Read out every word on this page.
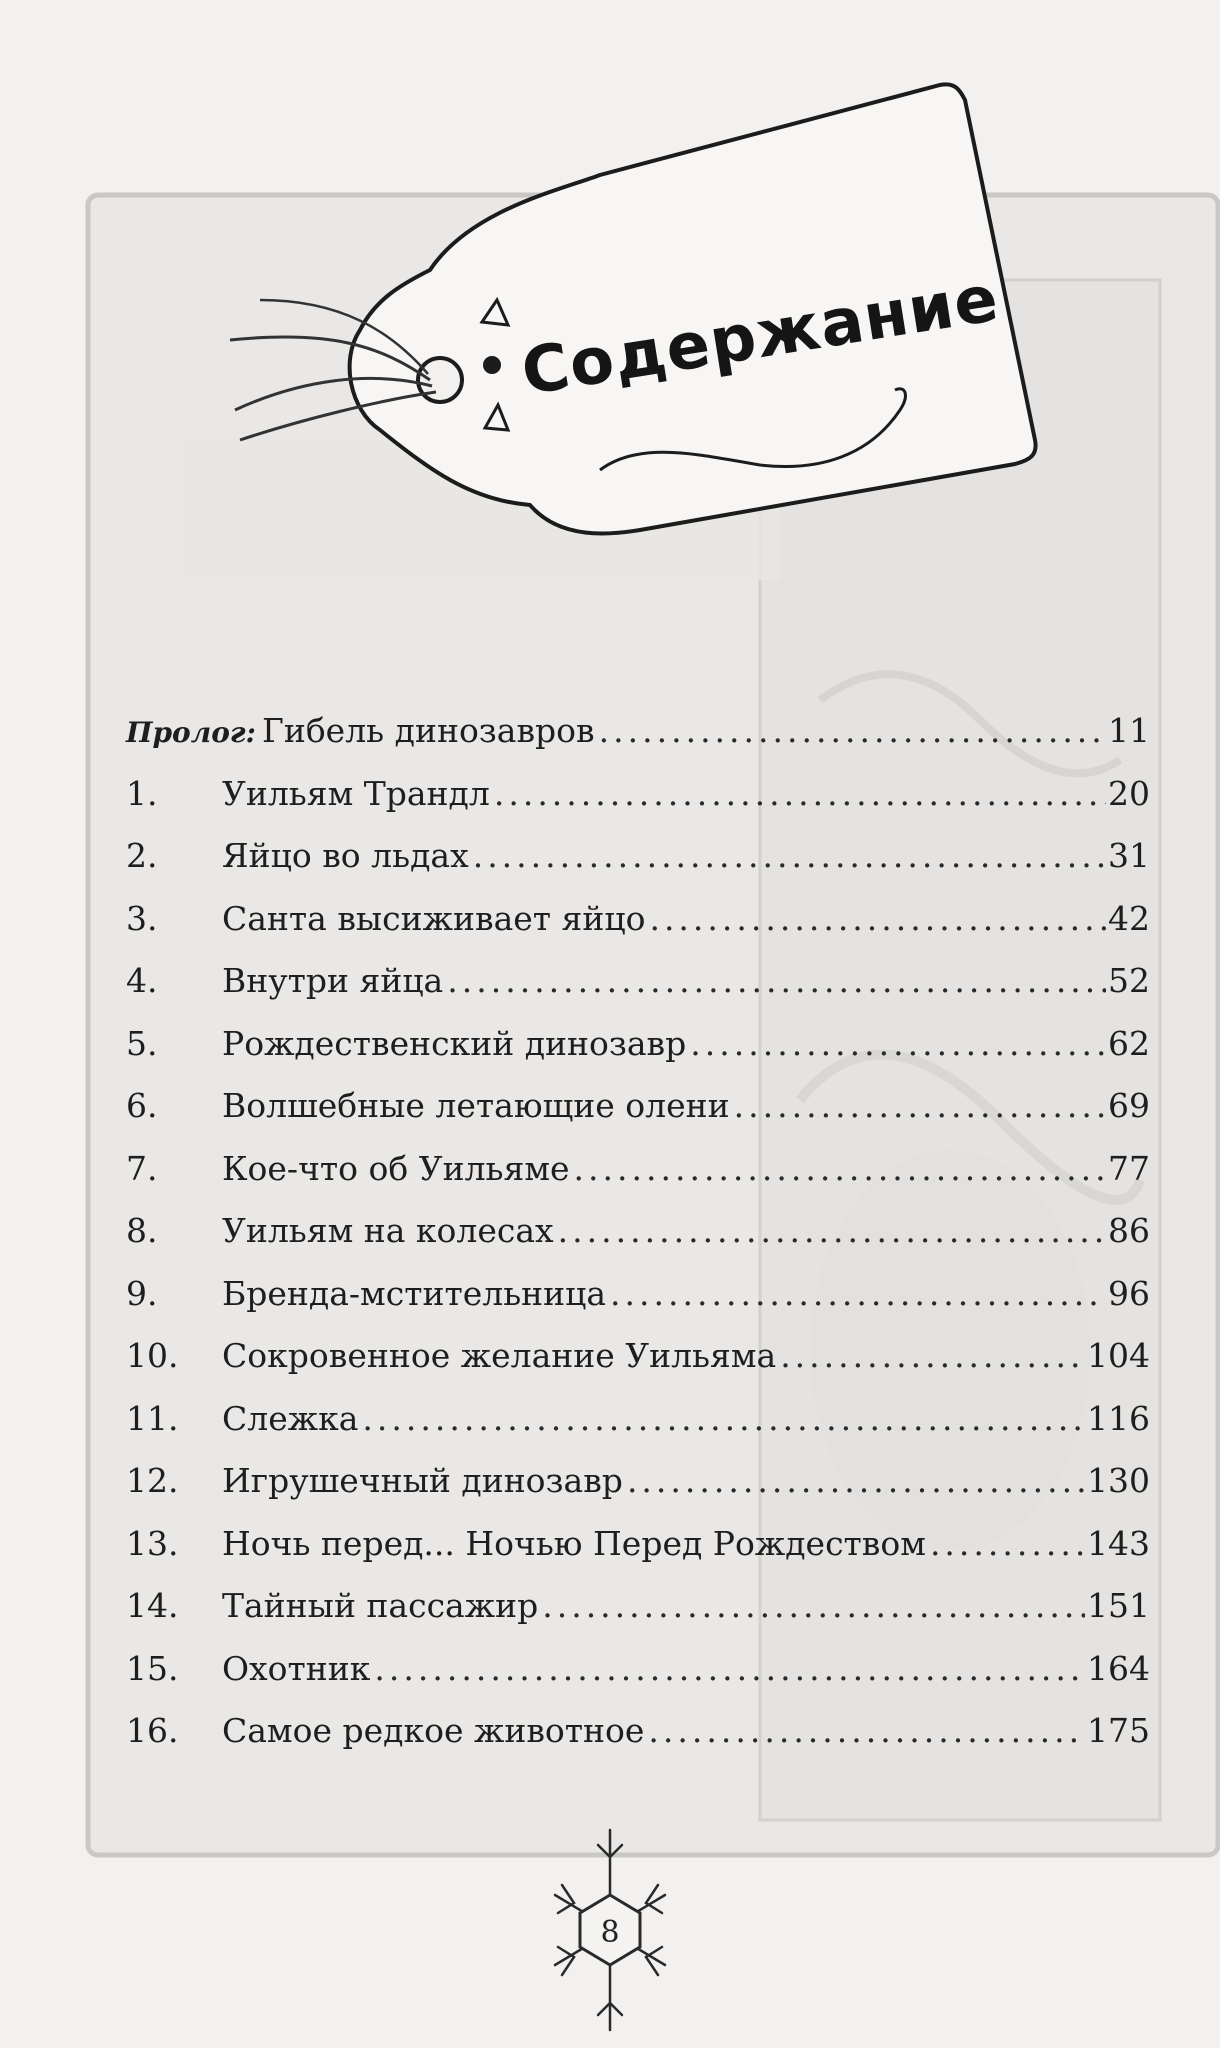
Содержание
Пролог: Гибель динозавров .....	11
1.	Уильям Трандл .....	20
2.	Яйцо во льдах .....	31
3.	Санта высиживает яйцо .....	42
4.	Внутри яйца .....	52
5.	Рождественский динозавр .....	62
6.	Волшебные летающие олени .....	69
7.	Кое-что об Уильяме .....	77
8.	Уильям на колесах .....	86
9.	Бренда-мстительница .....	96
10.	Сокровенное желание Уильяма .....	104
11.	Слежка .....	116
12.	Игрушечный динозавр .....	130
13.	Ночь перед... Ночью Перед Рождеством .....	143
14.	Тайный пассажир .....	151
15.	Охотник .....	164
16.	Самое редкое животное .....	175
8
